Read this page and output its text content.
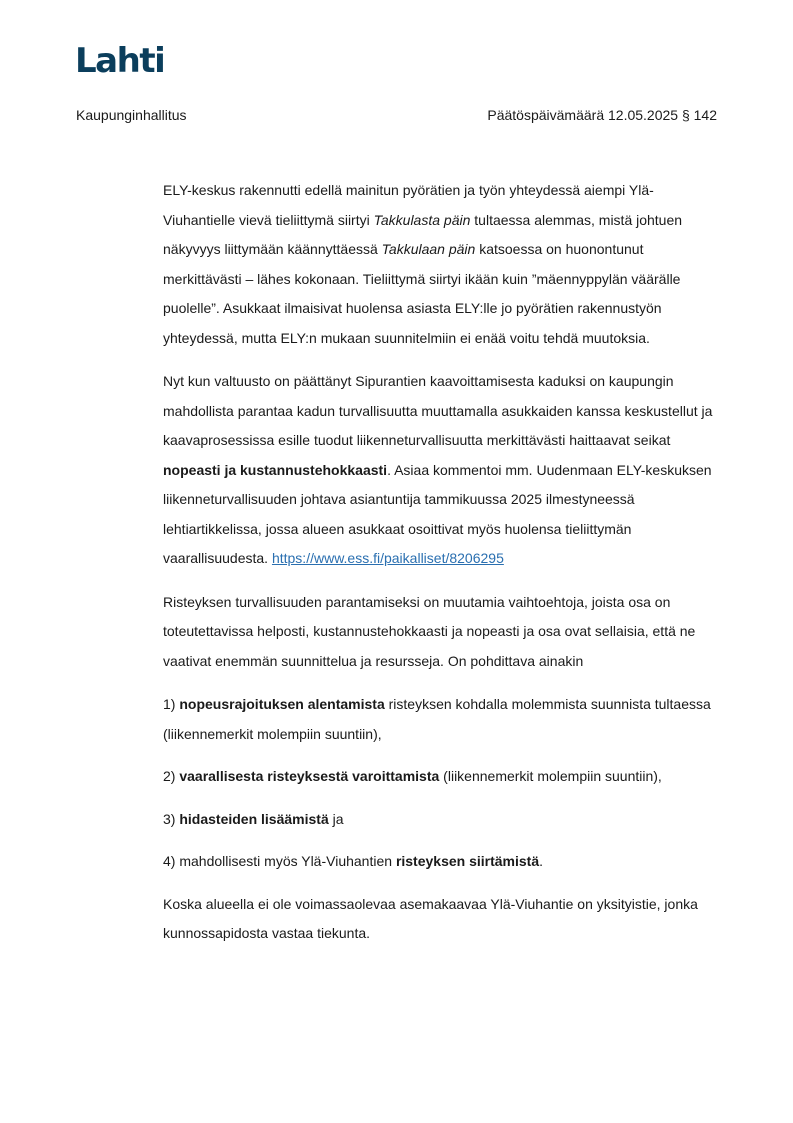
Lahti
Kaupunginhallitus	Päätöspäivämäärä 12.05.2025 § 142

ELY-keskus rakennutti edellä mainitun pyörätien ja työn yhteydessä aiempi Ylä-Viuhantielle vievä tieliittymä siirtyi Takkulasta päin tultaessa alemmas, mistä johtuen näkyvyys liittymään käännyttäessä Takkulaan päin katsoessa on huonontunut merkittävästi – lähes kokonaan. Tieliittymä siirtyi ikään kuin ”mäennyppylän väärälle puolelle”. Asukkaat ilmaisivat huolensa asiasta ELY:lle jo pyörätien rakennustyön yhteydessä, mutta ELY:n mukaan suunnitelmiin ei enää voitu tehdä muutoksia.

Nyt kun valtuusto on päättänyt Sipurantien kaavoittamisesta kaduksi on kaupungin mahdollista parantaa kadun turvallisuutta muuttamalla asukkaiden kanssa keskustellut ja kaavaprosessissa esille tuodut liikenneturvallisuutta merkittävästi haittaavat seikat nopeasti ja kustannustehokkaasti. Asiaa kommentoi mm. Uudenmaan ELY-keskuksen liikenneturvallisuuden johtava asiantuntija tammikuussa 2025 ilmestyneessä lehtiartikkelissa, jossa alueen asukkaat osoittivat myös huolensa tieliittymän vaarallisuudesta. https://www.ess.fi/paikalliset/8206295

Risteyksen turvallisuuden parantamiseksi on muutamia vaihtoehtoja, joista osa on toteutettavissa helposti, kustannustehokkaasti ja nopeasti ja osa ovat sellaisia, että ne vaativat enemmän suunnittelua ja resursseja. On pohdittava ainakin

1) nopeusrajoituksen alentamista risteyksen kohdalla molemmista suunnista tultaessa (liikennemerkit molempiin suuntiin),

2) vaarallisesta risteyksestä varoittamista (liikennemerkit molempiin suuntiin),

3) hidasteiden lisäämistä ja

4) mahdollisesti myös Ylä-Viuhantien risteyksen siirtämistä.

Koska alueella ei ole voimassaolevaa asemakaavaa Ylä-Viuhantie on yksityistie, jonka kunnossapidosta vastaa tiekunta.
